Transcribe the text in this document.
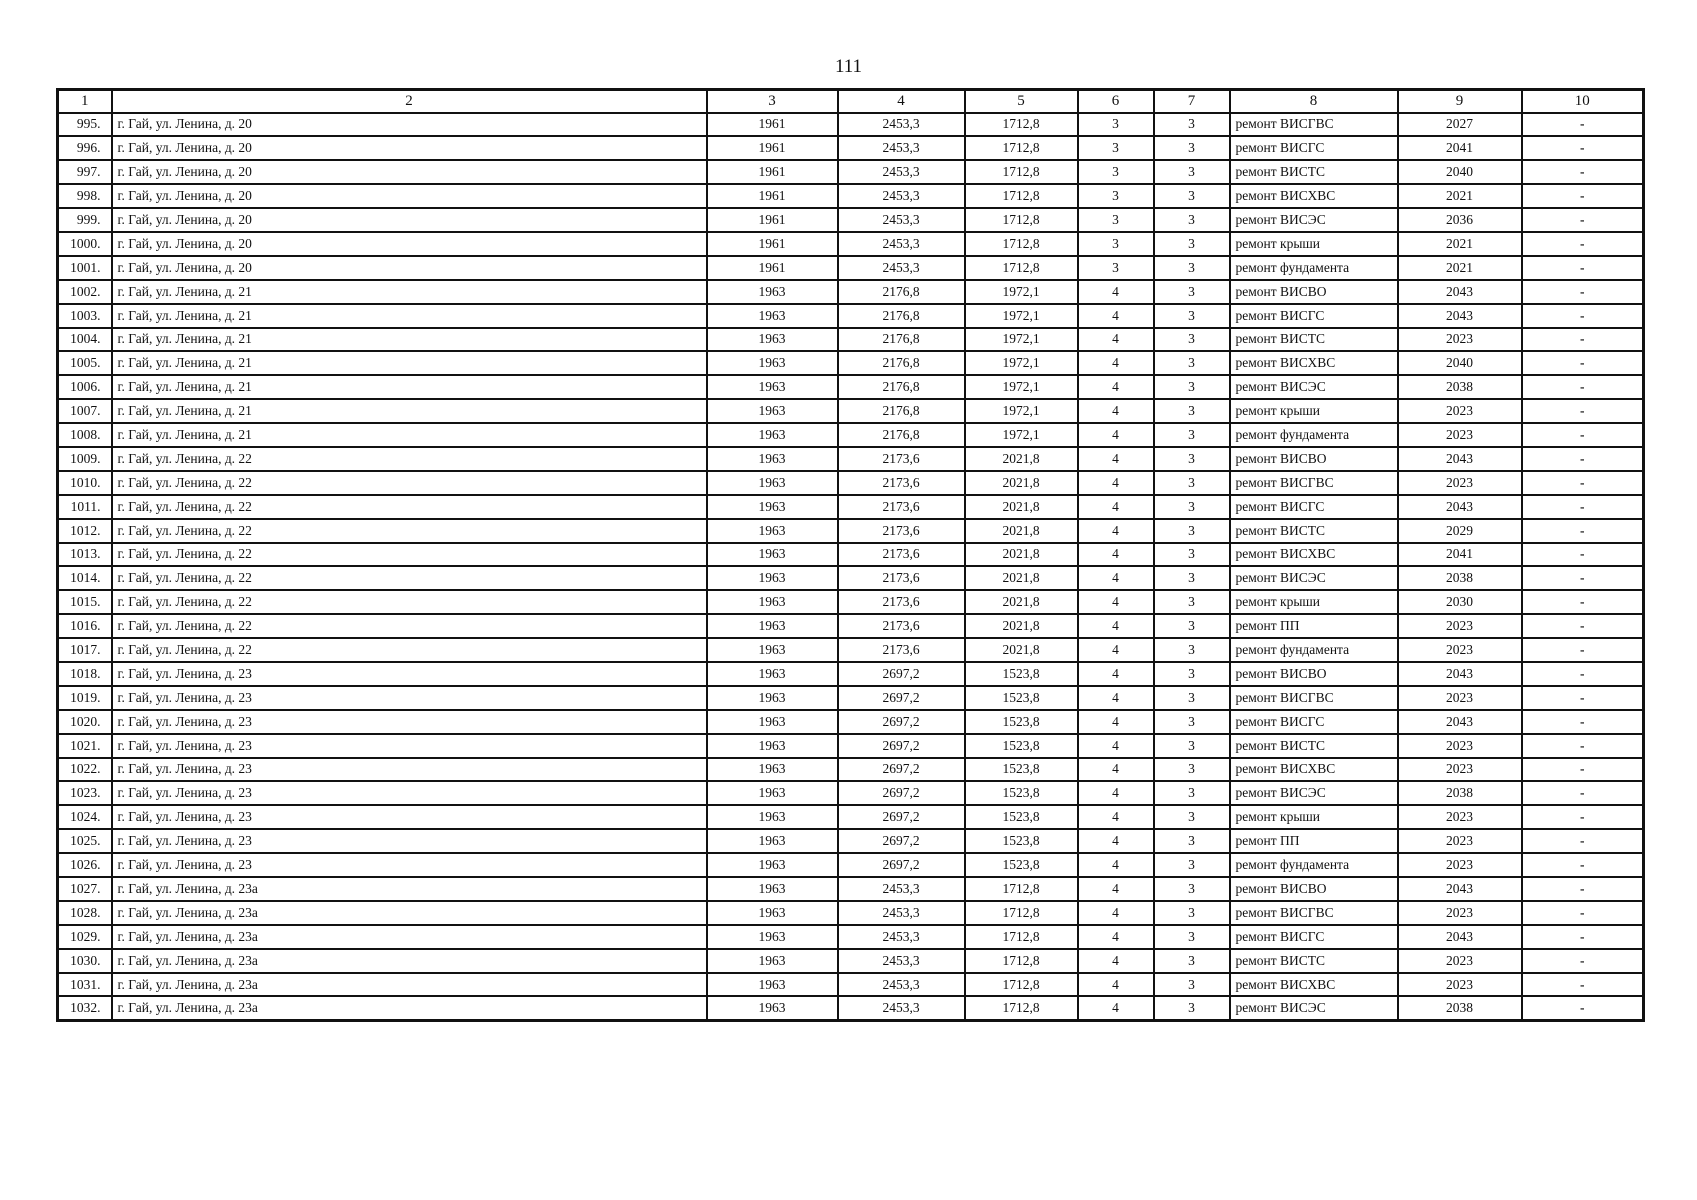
111
1	2	3	4	5	6	7	8	9	10
995.	г. Гай, ул. Ленина, д. 20	1961	2453,3	1712,8	3	3	ремонт ВИСГВС	2027	-
996.	г. Гай, ул. Ленина, д. 20	1961	2453,3	1712,8	3	3	ремонт ВИСГС	2041	-
997.	г. Гай, ул. Ленина, д. 20	1961	2453,3	1712,8	3	3	ремонт ВИСТС	2040	-
998.	г. Гай, ул. Ленина, д. 20	1961	2453,3	1712,8	3	3	ремонт ВИСХВС	2021	-
999.	г. Гай, ул. Ленина, д. 20	1961	2453,3	1712,8	3	3	ремонт ВИСЭС	2036	-
1000.	г. Гай, ул. Ленина, д. 20	1961	2453,3	1712,8	3	3	ремонт крыши	2021	-
1001.	г. Гай, ул. Ленина, д. 20	1961	2453,3	1712,8	3	3	ремонт фундамента	2021	-
1002.	г. Гай, ул. Ленина, д. 21	1963	2176,8	1972,1	4	3	ремонт ВИСВО	2043	-
1003.	г. Гай, ул. Ленина, д. 21	1963	2176,8	1972,1	4	3	ремонт ВИСГС	2043	-
1004.	г. Гай, ул. Ленина, д. 21	1963	2176,8	1972,1	4	3	ремонт ВИСТС	2023	-
1005.	г. Гай, ул. Ленина, д. 21	1963	2176,8	1972,1	4	3	ремонт ВИСХВС	2040	-
1006.	г. Гай, ул. Ленина, д. 21	1963	2176,8	1972,1	4	3	ремонт ВИСЭС	2038	-
1007.	г. Гай, ул. Ленина, д. 21	1963	2176,8	1972,1	4	3	ремонт крыши	2023	-
1008.	г. Гай, ул. Ленина, д. 21	1963	2176,8	1972,1	4	3	ремонт фундамента	2023	-
1009.	г. Гай, ул. Ленина, д. 22	1963	2173,6	2021,8	4	3	ремонт ВИСВО	2043	-
1010.	г. Гай, ул. Ленина, д. 22	1963	2173,6	2021,8	4	3	ремонт ВИСГВС	2023	-
1011.	г. Гай, ул. Ленина, д. 22	1963	2173,6	2021,8	4	3	ремонт ВИСГС	2043	-
1012.	г. Гай, ул. Ленина, д. 22	1963	2173,6	2021,8	4	3	ремонт ВИСТС	2029	-
1013.	г. Гай, ул. Ленина, д. 22	1963	2173,6	2021,8	4	3	ремонт ВИСХВС	2041	-
1014.	г. Гай, ул. Ленина, д. 22	1963	2173,6	2021,8	4	3	ремонт ВИСЭС	2038	-
1015.	г. Гай, ул. Ленина, д. 22	1963	2173,6	2021,8	4	3	ремонт крыши	2030	-
1016.	г. Гай, ул. Ленина, д. 22	1963	2173,6	2021,8	4	3	ремонт ПП	2023	-
1017.	г. Гай, ул. Ленина, д. 22	1963	2173,6	2021,8	4	3	ремонт фундамента	2023	-
1018.	г. Гай, ул. Ленина, д. 23	1963	2697,2	1523,8	4	3	ремонт ВИСВО	2043	-
1019.	г. Гай, ул. Ленина, д. 23	1963	2697,2	1523,8	4	3	ремонт ВИСГВС	2023	-
1020.	г. Гай, ул. Ленина, д. 23	1963	2697,2	1523,8	4	3	ремонт ВИСГС	2043	-
1021.	г. Гай, ул. Ленина, д. 23	1963	2697,2	1523,8	4	3	ремонт ВИСТС	2023	-
1022.	г. Гай, ул. Ленина, д. 23	1963	2697,2	1523,8	4	3	ремонт ВИСХВС	2023	-
1023.	г. Гай, ул. Ленина, д. 23	1963	2697,2	1523,8	4	3	ремонт ВИСЭС	2038	-
1024.	г. Гай, ул. Ленина, д. 23	1963	2697,2	1523,8	4	3	ремонт крыши	2023	-
1025.	г. Гай, ул. Ленина, д. 23	1963	2697,2	1523,8	4	3	ремонт ПП	2023	-
1026.	г. Гай, ул. Ленина, д. 23	1963	2697,2	1523,8	4	3	ремонт фундамента	2023	-
1027.	г. Гай, ул. Ленина, д. 23а	1963	2453,3	1712,8	4	3	ремонт ВИСВО	2043	-
1028.	г. Гай, ул. Ленина, д. 23а	1963	2453,3	1712,8	4	3	ремонт ВИСГВС	2023	-
1029.	г. Гай, ул. Ленина, д. 23а	1963	2453,3	1712,8	4	3	ремонт ВИСГС	2043	-
1030.	г. Гай, ул. Ленина, д. 23а	1963	2453,3	1712,8	4	3	ремонт ВИСТС	2023	-
1031.	г. Гай, ул. Ленина, д. 23а	1963	2453,3	1712,8	4	3	ремонт ВИСХВС	2023	-
1032.	г. Гай, ул. Ленина, д. 23а	1963	2453,3	1712,8	4	3	ремонт ВИСЭС	2038	-
